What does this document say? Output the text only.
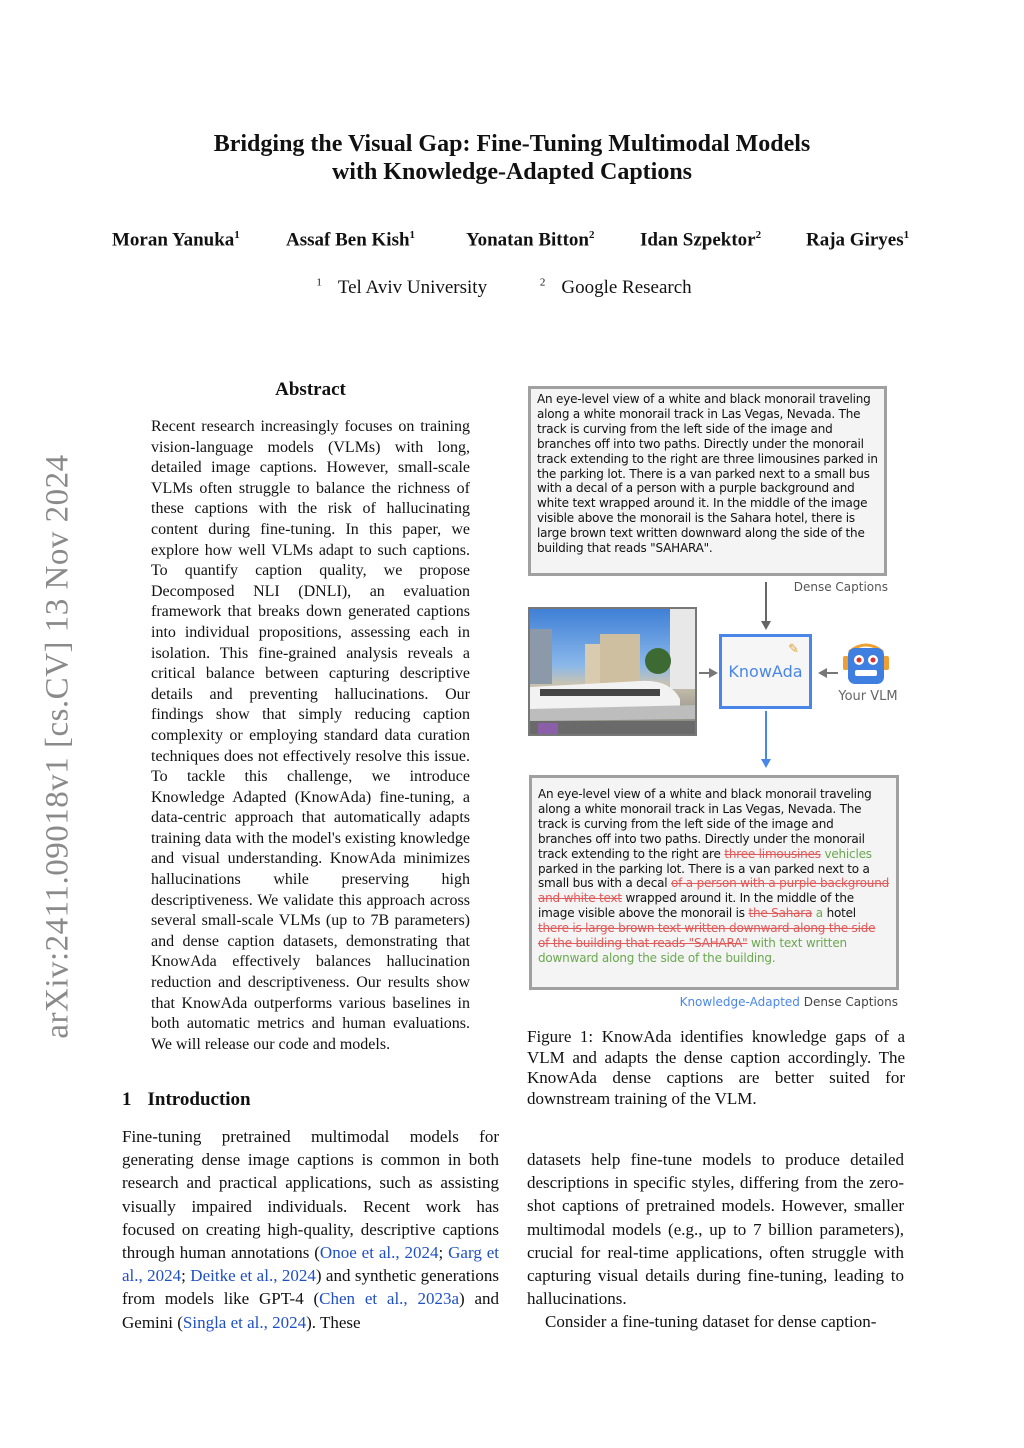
arXiv:2411.09018v1 [cs.CV] 13 Nov 2024
Bridging the Visual Gap: Fine-Tuning Multimodal Models
with Knowledge-Adapted Captions
Moran Yanuka$^1$ Assaf Ben Kish$^1$	Yonatan Bitton$^2$ Idan Szpektor$^2$ Raja Giryes$^1$
$^1$ Tel Aviv University	$^2$ Google Research
Abstract
Recent research increasingly focuses on training vision-language models (VLMs) with long, detailed image captions. However, small-scale VLMs often struggle to balance the richness of these captions with the risk of hallucinating content during fine-tuning. In this paper, we explore how well VLMs adapt to such captions. To quantify caption quality, we propose Decomposed NLI (DNLI), an evaluation framework that breaks down generated captions into individual propositions, assessing each in isolation. This fine-grained analysis reveals a critical balance between capturing descriptive details and preventing hallucinations. Our findings show that simply reducing caption complexity or employing standard data curation techniques does not effectively resolve this issue. To tackle this challenge, we introduce Knowledge Adapted (KnowAda) fine-tuning, a data-centric approach that automatically adapts training data with the model's existing knowledge and visual understanding. KnowAda minimizes hallucinations while preserving high descriptiveness. We validate this approach across several small-scale VLMs (up to 7B parameters) and dense caption datasets, demonstrating that KnowAda effectively balances hallucination reduction and descriptiveness. Our results show that KnowAda outperforms various baselines in both automatic metrics and human evaluations. We will release our code and models.
1 Introduction
Fine-tuning pretrained multimodal models for generating dense image captions is common in both research and practical applications, such as assisting visually impaired individuals. Recent work has focused on creating high-quality, descriptive captions through human annotations (Onoe et al., 2024; Garg et al., 2024; Deitke et al., 2024) and synthetic generations from models like GPT-4 (Chen et al., 2023a) and Gemini (Singla et al., 2024). These
datasets help fine-tune models to produce detailed descriptions in specific styles, differing from the zero-shot captions of pretrained models. However, smaller multimodal models (e.g., up to 7 billion parameters), crucial for real-time applications, often struggle with capturing visual details during fine-tuning, leading to hallucinations.
Consider a fine-tuning dataset for dense caption-
An eye-level view of a white and black monorail traveling along a white monorail track in Las Vegas, Nevada. The track is curving from the left side of the image and branches off into two paths. Directly under the monorail track extending to the right are three limousines parked in the parking lot. There is a van parked next to a small bus with a decal of a person with a purple background and white text wrapped around it. In the middle of the image visible above the monorail is the Sahara hotel, there is large brown text written downward along the side of the building that reads "SAHARA".
Dense Captions
KnowAda
✎
Your VLM
An eye-level view of a white and black monorail traveling along a white monorail track in Las Vegas, Nevada. The track is curving from the left side of the image and branches off into two paths. Directly under the monorail track extending to the right are three limousines vehicles parked in the parking lot. There is a van parked next to a small bus with a decal of a person with a purple background and white text wrapped around it. In the middle of the image visible above the monorail is the Sahara a hotel there is large brown text written downward along the side of the building that reads "SAHARA" with text written downward along the side of the building.
Knowledge-Adapted Dense Captions
Figure 1: KnowAda identifies knowledge gaps of a VLM and adapts the dense caption accordingly. The KnowAda dense captions are better suited for downstream training of the VLM.
